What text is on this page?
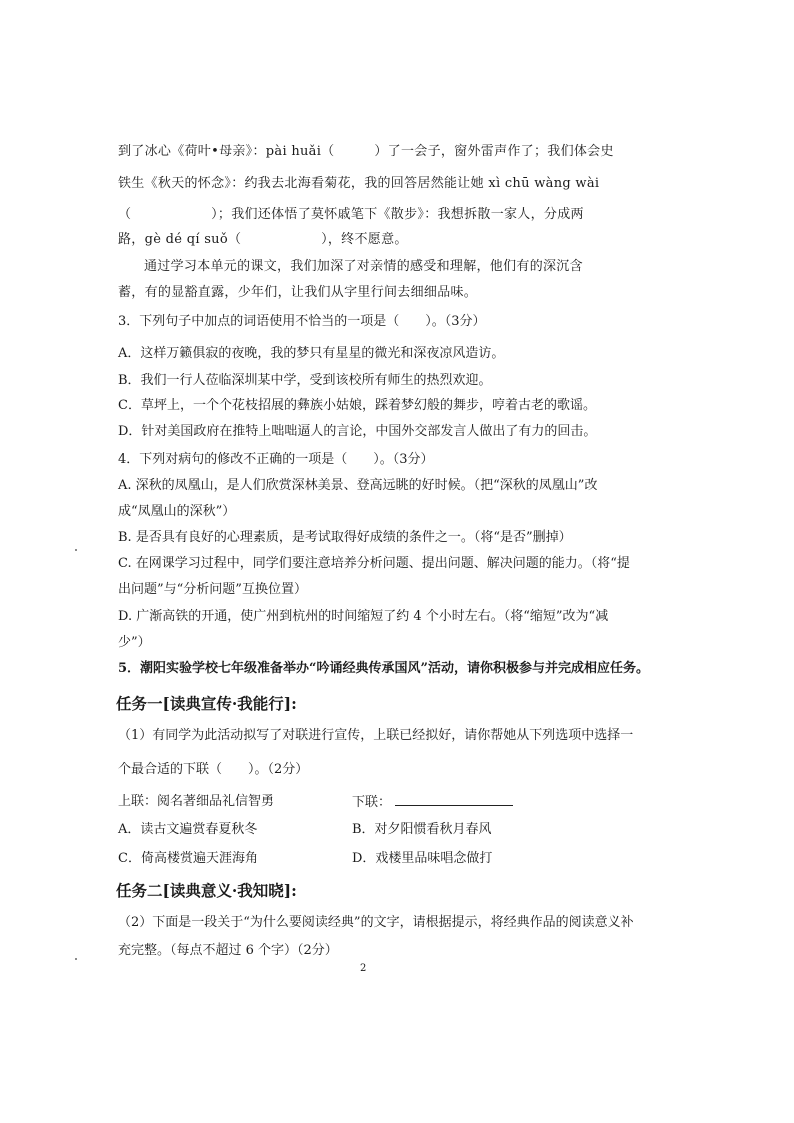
到了冰心《荷叶•母亲》：pài huǎi（　　　）了一会子，窗外雷声作了；我们体会史
铁生《秋天的怀念》：约我去北海看菊花，我的回答居然能让她 xì chū wàng wài
（　　　　　　）；我们还体悟了莫怀戚笔下《散步》：我想拆散一家人，分成两
路，gè dé qí suǒ（　　　　　　），终不愿意。
通过学习本单元的课文，我们加深了对亲情的感受和理解，他们有的深沉含
蓄，有的显豁直露，少年们，让我们从字里行间去细细品味。
3．下列句子中加点的词语使用不恰当的一项是（　　）。（3分）
A．这样万籁俱寂的夜晚，我的梦只有星星的微光和深夜凉风造访。
B．我们一行人莅临深圳某中学，受到该校所有师生的热烈欢迎。
C．草坪上，一个个花枝招展的彝族小姑娘，踩着梦幻般的舞步，哼着古老的歌谣。
D．针对美国政府在推特上咄咄逼人的言论，中国外交部发言人做出了有力的回击。
4．下列对病句的修改不正确的一项是（　　）。（3分）
A. 深秋的凤凰山，是人们欣赏深林美景、登高远眺的好时候。（把“深秋的凤凰山”改
成“凤凰山的深秋”）
B. 是否具有良好的心理素质，是考试取得好成绩的条件之一。（将“是否”删掉）
C. 在网课学习过程中，同学们要注意培养分析问题、提出问题、解决问题的能力。（将“提
出问题”与“分析问题”互换位置）
D. 广渐高铁的开通，使广州到杭州的时间缩短了约 4 个小时左右。（将“缩短”改为“减
少”）
5．潮阳实验学校七年级准备举办“吟诵经典传承国风”活动，请你积极参与并完成相应任务。
任务一[读典宣传·我能行]:
（1）有同学为此活动拟写了对联进行宣传，上联已经拟好，请你帮她从下列选项中选择一
个最合适的下联（　　）。（2分）
上联：阅名著细品礼信智勇	下联：
A．读古文遍赏春夏秋冬	B．对夕阳惯看秋月春风
C．倚高楼赏遍天涯海角	D．戏楼里品味唱念做打
任务二[读典意义·我知晓]:
（2）下面是一段关于“为什么要阅读经典”的文字，请根据提示，将经典作品的阅读意义补
充完整。（每点不超过 6 个字）（2分）
2
